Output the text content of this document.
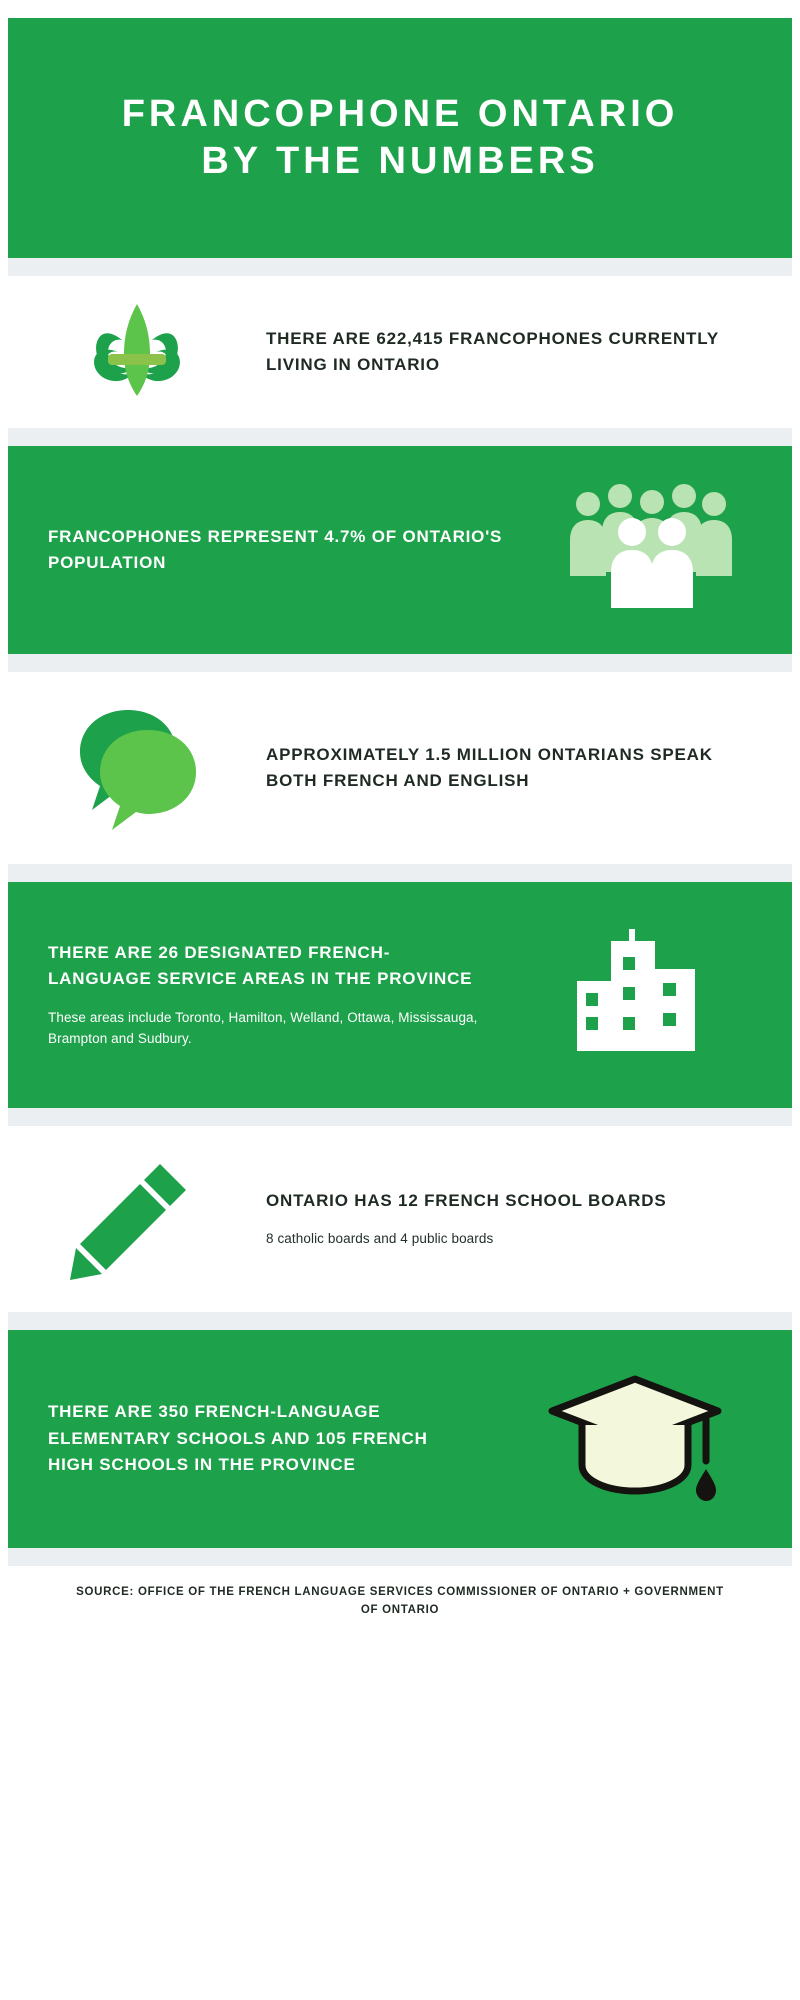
FRANCOPHONE ONTARIO BY THE NUMBERS
THERE ARE 622,415 FRANCOPHONES CURRENTLY LIVING IN ONTARIO
FRANCOPHONES REPRESENT 4.7% OF ONTARIO'S POPULATION
APPROXIMATELY 1.5 MILLION ONTARIANS SPEAK BOTH FRENCH AND ENGLISH
THERE ARE 26 DESIGNATED FRENCH-LANGUAGE SERVICE AREAS IN THE PROVINCE
These areas include Toronto, Hamilton, Welland, Ottawa, Mississauga, Brampton and Sudbury.
ONTARIO HAS 12 FRENCH SCHOOL BOARDS
8 catholic boards and 4 public boards
THERE ARE 350 FRENCH-LANGUAGE ELEMENTARY SCHOOLS AND 105 FRENCH HIGH SCHOOLS IN THE PROVINCE
SOURCE: OFFICE OF THE FRENCH LANGUAGE SERVICES COMMISSIONER OF ONTARIO + GOVERNMENT OF ONTARIO
